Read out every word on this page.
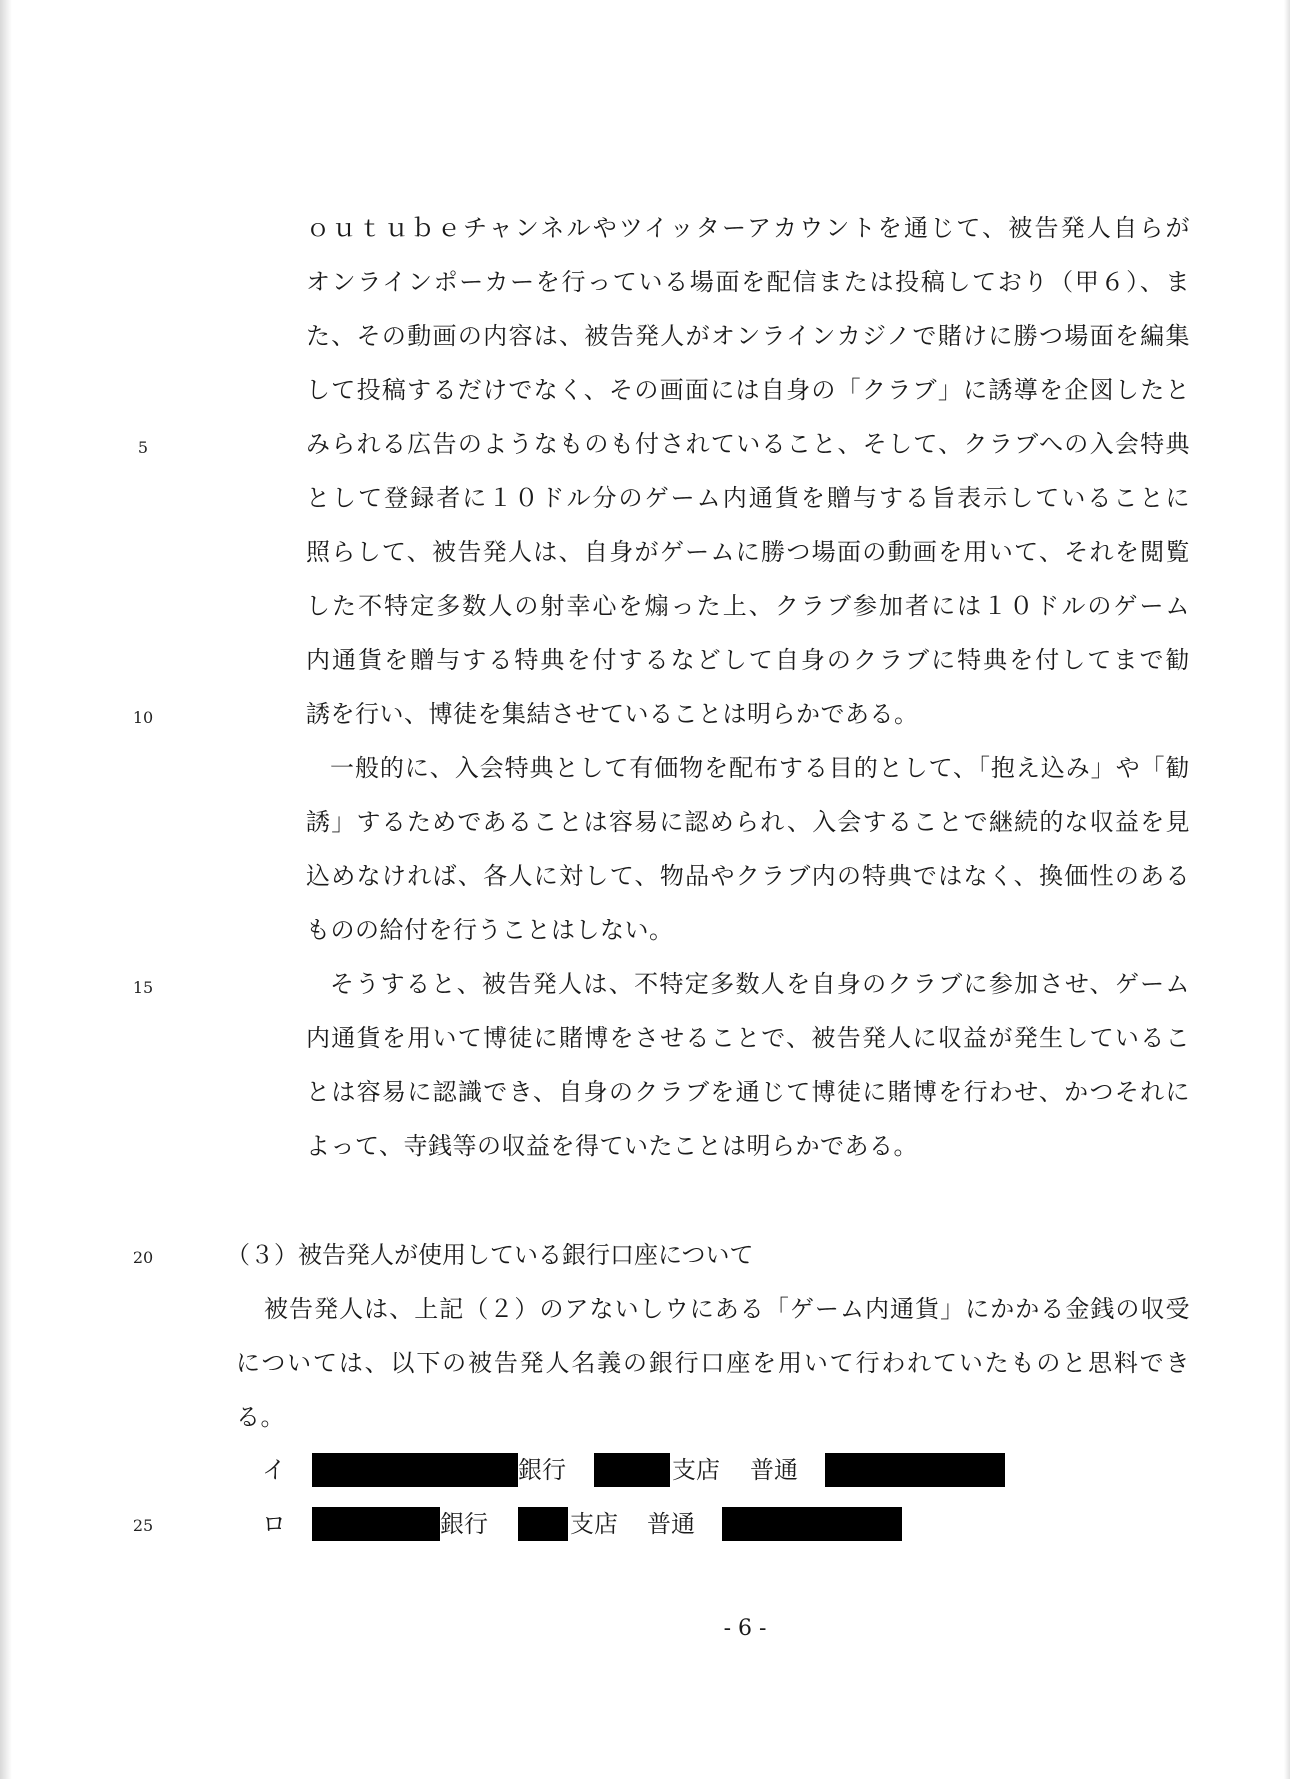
ｏｕｔｕｂｅチャンネルやツイッターアカウントを通じて、被告発人自らが
オンラインポーカーを行っている場面を配信または投稿しており（甲６）、ま
た、その動画の内容は、被告発人がオンラインカジノで賭けに勝つ場面を編集
して投稿するだけでなく、その画面には自身の「クラブ」に誘導を企図したと
みられる広告のようなものも付されていること、そして、クラブへの入会特典
として登録者に１０ドル分のゲーム内通貨を贈与する旨表示していることに
照らして、被告発人は、自身がゲームに勝つ場面の動画を用いて、それを閲覧
した不特定多数人の射幸心を煽った上、クラブ参加者には１０ドルのゲーム
内通貨を贈与する特典を付するなどして自身のクラブに特典を付してまで勧
誘を行い、博徒を集結させていることは明らかである。
一般的に、入会特典として有価物を配布する目的として、「抱え込み」や「勧
誘」するためであることは容易に認められ、入会することで継続的な収益を見
込めなければ、各人に対して、物品やクラブ内の特典ではなく、換価性のある
ものの給付を行うことはしない。
そうすると、被告発人は、不特定多数人を自身のクラブに参加させ、ゲーム
内通貨を用いて博徒に賭博をさせることで、被告発人に収益が発生しているこ
とは容易に認識でき、自身のクラブを通じて博徒に賭博を行わせ、かつそれに
よって、寺銭等の収益を得ていたことは明らかである。
（３）被告発人が使用している銀行口座について
被告発人は、上記（２）のアないしウにある「ゲーム内通貨」にかかる金銭の収受
については、以下の被告発人名義の銀行口座を用いて行われていたものと思料でき
る。
イ	銀行	支店 普通
ロ	銀行	支店 普通
5
10
15
20
25
- 6 -
